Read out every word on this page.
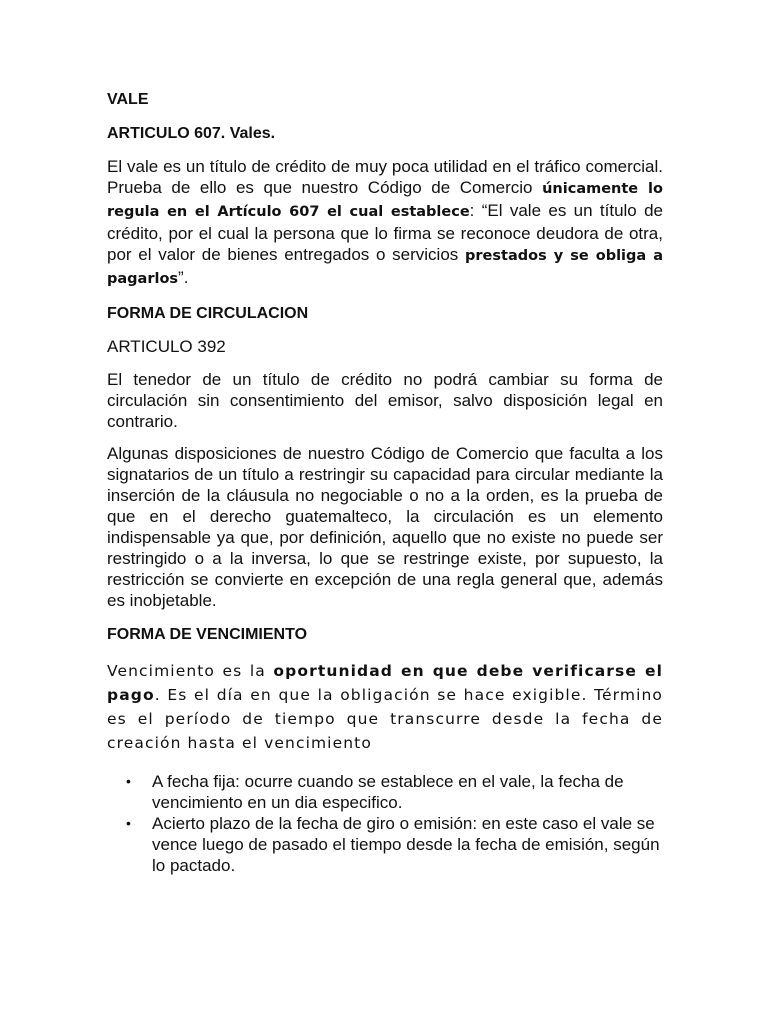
VALE

ARTICULO 607. Vales.

El vale es un título de crédito de muy poca utilidad en el tráfico comercial. Prueba de ello es que nuestro Código de Comercio únicamente lo regula en el Artículo 607 el cual establece: “El vale es un título de crédito, por el cual la persona que lo firma se reconoce deudora de otra, por el valor de bienes entregados o servicios prestados y se obliga a pagarlos”.

FORMA DE CIRCULACION

ARTICULO 392

El tenedor de un título de crédito no podrá cambiar su forma de circulación sin consentimiento del emisor, salvo disposición legal en contrario.

Algunas disposiciones de nuestro Código de Comercio que faculta a los signatarios de un título a restringir su capacidad para circular mediante la inserción de la cláusula no negociable o no a la orden, es la prueba de que en el derecho guatemalteco, la circulación es un elemento indispensable ya que, por definición, aquello que no existe no puede ser restringido o a la inversa, lo que se restringe existe, por supuesto, la restricción se convierte en excepción de una regla general que, además es inobjetable.

FORMA DE VENCIMIENTO

Vencimiento es la oportunidad en que debe verificarse el pago. Es el día en que la obligación se hace exigible. Término es el período de tiempo que transcurre desde la fecha de creación hasta el vencimiento

• A fecha fija: ocurre cuando se establece en el vale, la fecha de vencimiento en un dia especifico.
• Acierto plazo de la fecha de giro o emisión: en este caso el vale se vence luego de pasado el tiempo desde la fecha de emisión, según lo pactado.
